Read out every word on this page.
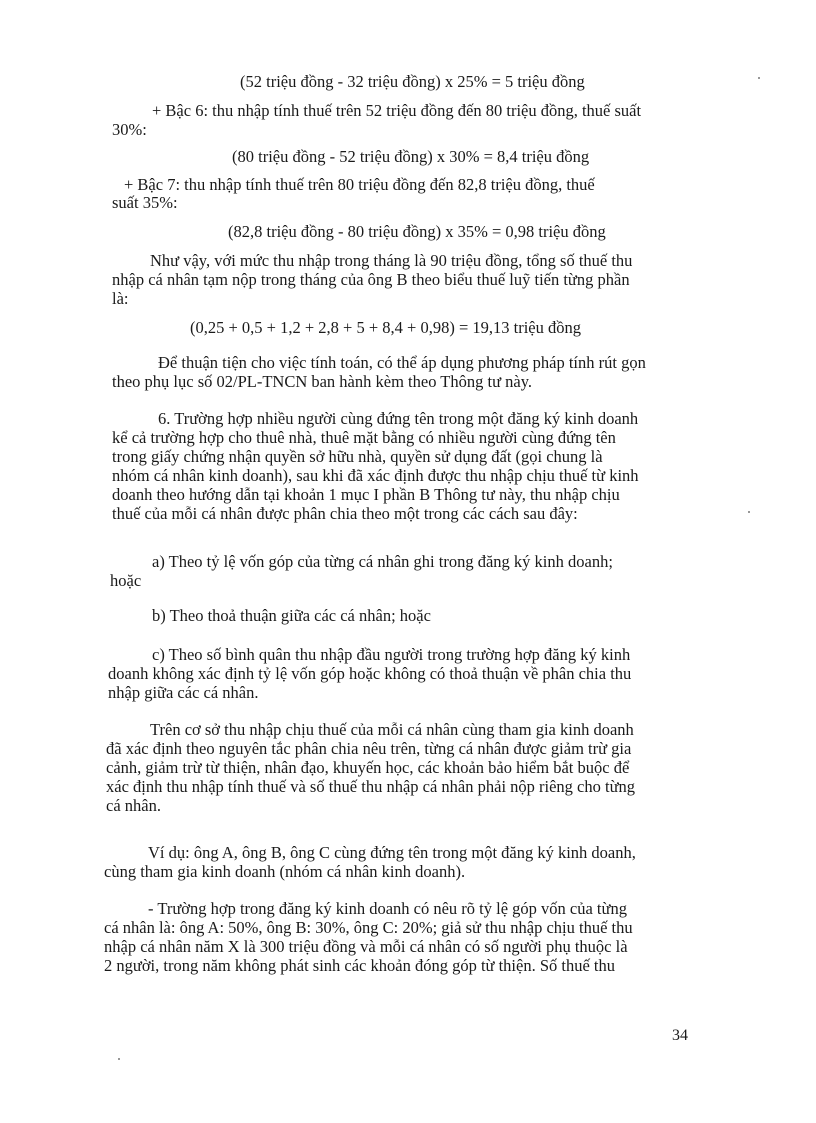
(52 triệu đồng - 32 triệu đồng) x 25% = 5 triệu đồng
+ Bậc 6: thu nhập tính thuế trên 52 triệu đồng đến 80 triệu đồng, thuế suất
30%:
(80 triệu đồng - 52 triệu đồng) x 30% = 8,4 triệu đồng
+ Bậc 7: thu nhập tính thuế trên 80 triệu đồng đến 82,8 triệu đồng, thuế
suất 35%:
(82,8 triệu đồng - 80 triệu đồng) x 35% = 0,98 triệu đồng
Như vậy, với mức thu nhập trong tháng là 90 triệu đồng, tổng số thuế thu
nhập cá nhân tạm nộp trong tháng của ông B theo biểu thuế luỹ tiến từng phần
là:
(0,25 + 0,5 + 1,2 + 2,8 + 5 + 8,4 + 0,98) = 19,13 triệu đồng
Để thuận tiện cho việc tính toán, có thể áp dụng phương pháp tính rút gọn
theo phụ lục số 02/PL-TNCN ban hành kèm theo Thông tư này.
6. Trường hợp nhiều người cùng đứng tên trong một đăng ký kinh doanh
kể cả trường hợp cho thuê nhà, thuê mặt bằng có nhiều người cùng đứng tên
trong giấy chứng nhận quyền sở hữu nhà, quyền sử dụng đất (gọi chung là
nhóm cá nhân kinh doanh), sau khi đã xác định được thu nhập chịu thuế từ kinh
doanh theo hướng dẫn tại khoản 1 mục I phần B Thông tư này, thu nhập chịu
thuế của mỗi cá nhân được phân chia theo một trong các cách sau đây:
a) Theo tỷ lệ vốn góp của từng cá nhân ghi trong đăng ký kinh doanh;
hoặc
b) Theo thoả thuận giữa các cá nhân; hoặc
c) Theo số bình quân thu nhập đầu người trong trường hợp đăng ký kinh
doanh không xác định tỷ lệ vốn góp hoặc không có thoả thuận về phân chia thu
nhập giữa các cá nhân.
Trên cơ sở thu nhập chịu thuế của mỗi cá nhân cùng tham gia kinh doanh
đã xác định theo nguyên tắc phân chia nêu trên, từng cá nhân được giảm trừ gia
cảnh, giảm trừ từ thiện, nhân đạo, khuyến học, các khoản bảo hiểm bắt buộc để
xác định thu nhập tính thuế và số thuế thu nhập cá nhân phải nộp riêng cho từng
cá nhân.
Ví dụ: ông A, ông B, ông C cùng đứng tên trong một đăng ký kinh doanh,
cùng tham gia kinh doanh (nhóm cá nhân kinh doanh).
- Trường hợp trong đăng ký kinh doanh có nêu rõ tỷ lệ góp vốn của từng
cá nhân là: ông A: 50%, ông B: 30%, ông C: 20%; giả sử thu nhập chịu thuế thu
nhập cá nhân năm X là 300 triệu đồng và mỗi cá nhân có số người phụ thuộc là
2 người, trong năm không phát sinh các khoản đóng góp từ thiện. Số thuế thu
34
